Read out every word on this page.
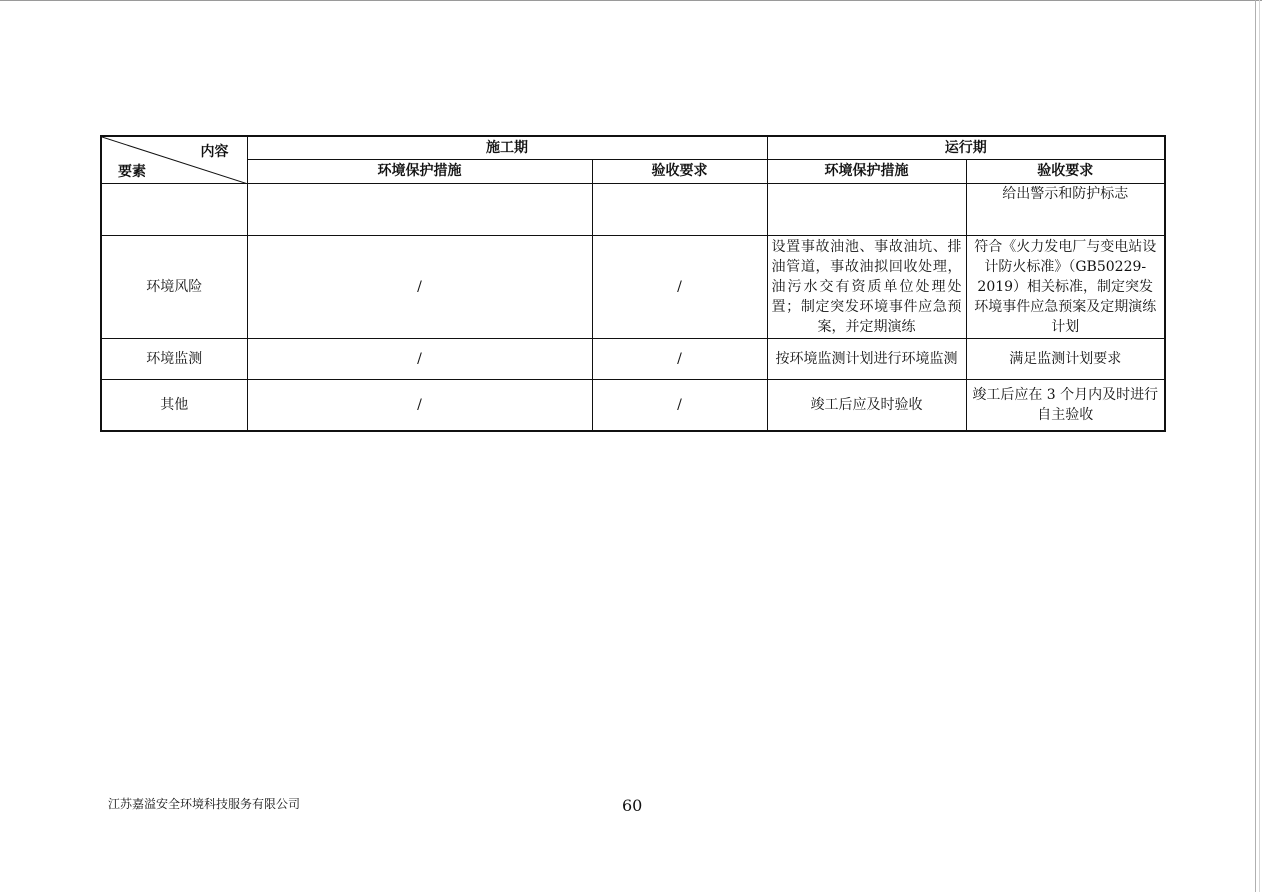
内容
要素	施工期		运行期	
	环境保护措施	验收要求	环境保护措施	验收要求
				给出警示和防护标志
环境风险	/	/	设置事故油池、事故油坑、排油管道，事故油拟回收处理，油污水交有资质单位处理处置；制定突发环境事件应急预案，并定期演练	符合《火力发电厂与变电站设计防火标准》（GB50229-2019）相关标准，制定突发环境事件应急预案及定期演练计划
环境监测	/	/	按环境监测计划进行环境监测	满足监测计划要求
其他	/	/	竣工后应及时验收	竣工后应在 3 个月内及时进行自主验收
江苏嘉溢安全环境科技服务有限公司	60
